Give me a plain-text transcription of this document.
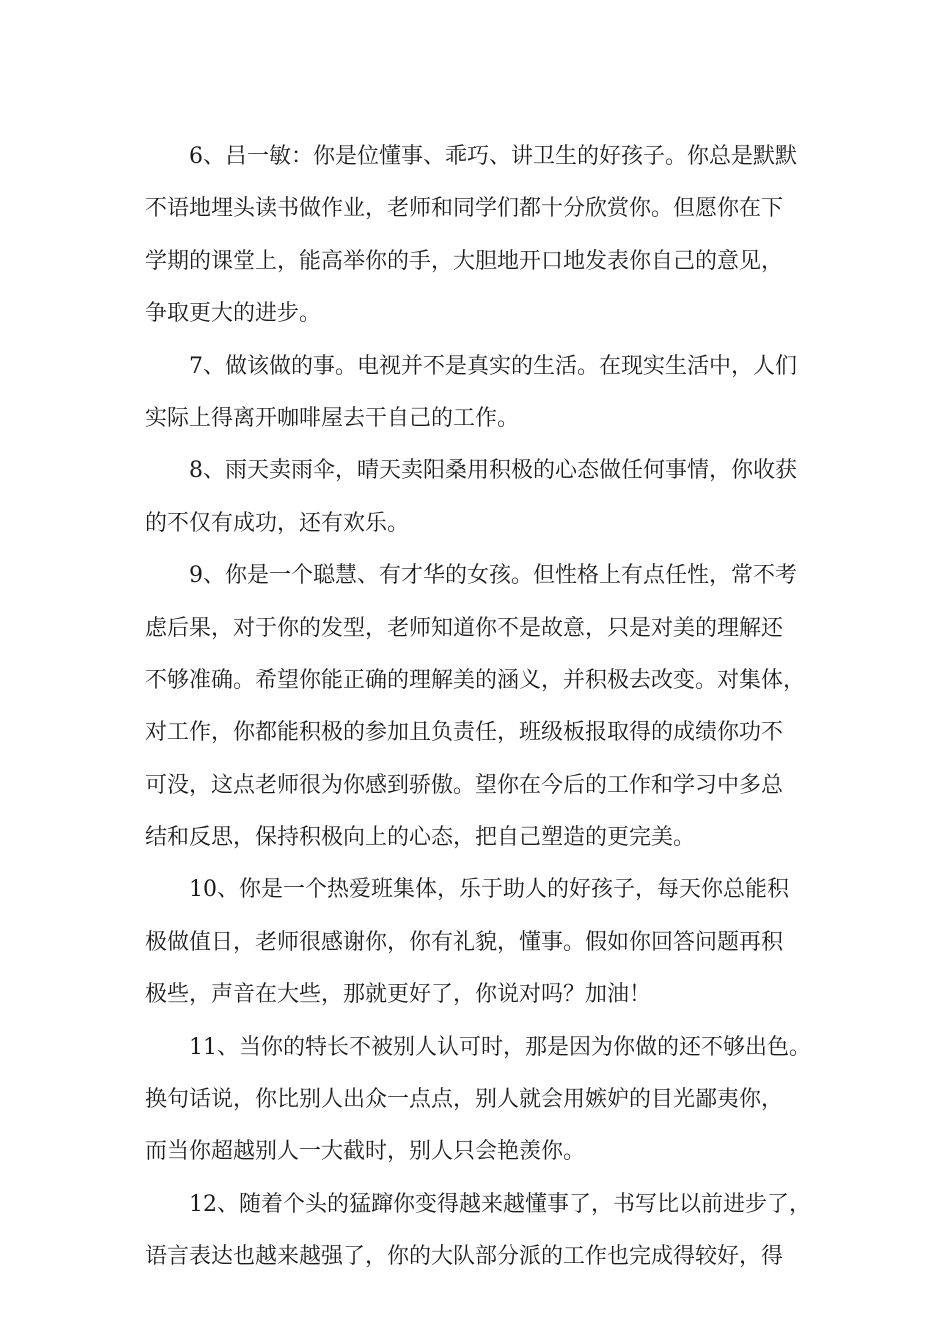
6、吕一敏：你是位懂事、乖巧、讲卫生的好孩子。你总是默默
不语地埋头读书做作业，老师和同学们都十分欣赏你。但愿你在下
学期的课堂上，能高举你的手，大胆地开口地发表你自己的意见，
争取更大的进步。

7、做该做的事。电视并不是真实的生活。在现实生活中，人们
实际上得离开咖啡屋去干自己的工作。

8、雨天卖雨伞，晴天卖阳桑用积极的心态做任何事情，你收获
的不仅有成功，还有欢乐。

9、你是一个聪慧、有才华的女孩。但性格上有点任性，常不考
虑后果，对于你的发型，老师知道你不是故意，只是对美的理解还
不够准确。希望你能正确的理解美的涵义，并积极去改变。对集体，
对工作，你都能积极的参加且负责任，班级板报取得的成绩你功不
可没，这点老师很为你感到骄傲。望你在今后的工作和学习中多总
结和反思，保持积极向上的心态，把自己塑造的更完美。

10、你是一个热爱班集体，乐于助人的好孩子，每天你总能积
极做值日，老师很感谢你，你有礼貌，懂事。假如你回答问题再积
极些，声音在大些，那就更好了，你说对吗？加油！

11、当你的特长不被别人认可时，那是因为你做的还不够出色。
换句话说，你比别人出众一点点，别人就会用嫉妒的目光鄙夷你，
而当你超越别人一大截时，别人只会艳羡你。

12、随着个头的猛蹿你变得越来越懂事了，书写比以前进步了，
语言表达也越来越强了，你的大队部分派的工作也完成得较好，得
